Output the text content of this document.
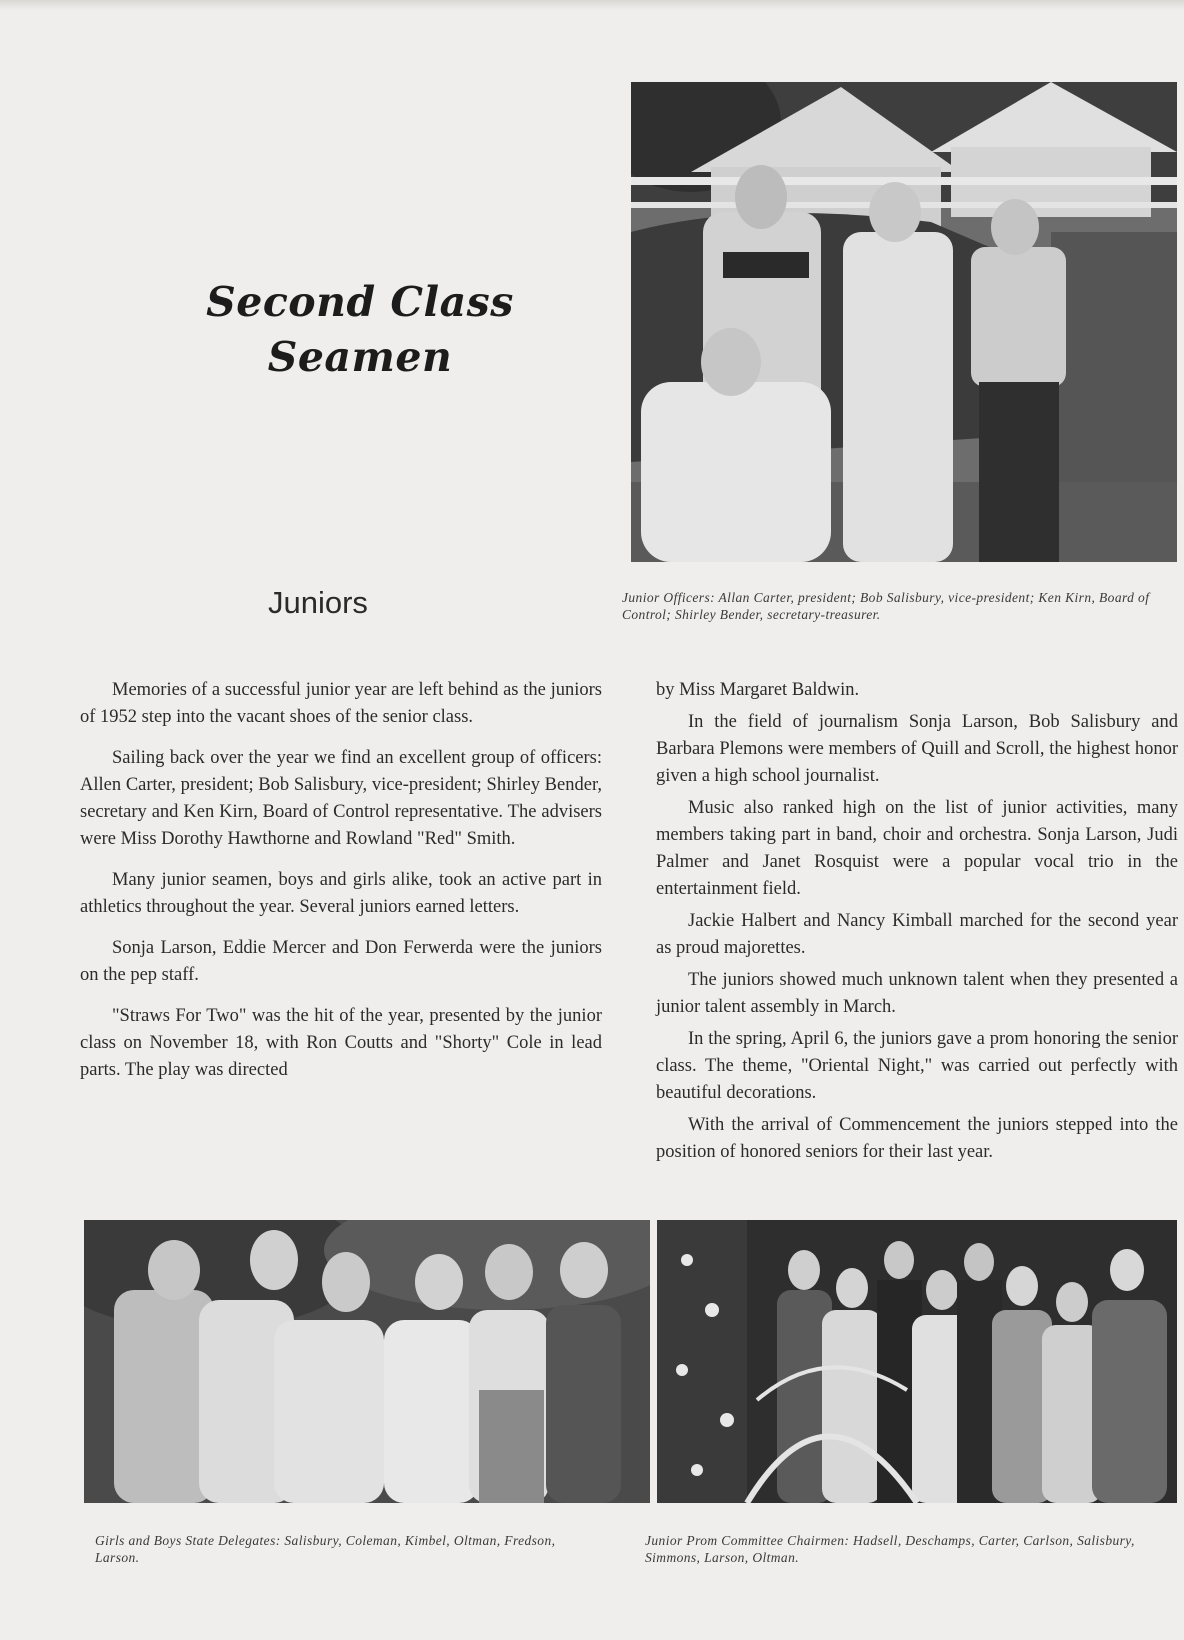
Second Class
Seamen
Junior Officers: Allan Carter, president; Bob Salisbury, vice-president; Ken Kirn, Board of Control; Shirley Bender, secretary-treasurer.
Juniors

Memories of a successful junior year are left behind as the juniors of 1952 step into the vacant shoes of the senior class.

Sailing back over the year we find an excellent group of officers: Allen Carter, president; Bob Salisbury, vice-president; Shirley Bender, secretary and Ken Kirn, Board of Control representative. The advisers were Miss Dorothy Hawthorne and Rowland "Red" Smith.

Many junior seamen, boys and girls alike, took an active part in athletics throughout the year. Several juniors earned letters.

Sonja Larson, Eddie Mercer and Don Ferwerda were the juniors on the pep staff.

"Straws For Two" was the hit of the year, presented by the junior class on November 18, with Ron Coutts and "Shorty" Cole in lead parts. The play was directed

by Miss Margaret Baldwin.

In the field of journalism Sonja Larson, Bob Salisbury and Barbara Plemons were members of Quill and Scroll, the highest honor given a high school journalist.

Music also ranked high on the list of junior activities, many members taking part in band, choir and orchestra. Sonja Larson, Judi Palmer and Janet Rosquist were a popular vocal trio in the entertainment field.

Jackie Halbert and Nancy Kimball marched for the second year as proud majorettes.

The juniors showed much unknown talent when they presented a junior talent assembly in March.

In the spring, April 6, the juniors gave a prom honoring the senior class. The theme, "Oriental Night," was carried out perfectly with beautiful decorations.

With the arrival of Commencement the juniors stepped into the position of honored seniors for their last year.

Girls and Boys State Delegates: Salisbury, Coleman, Kimbel, Oltman, Fredson, Larson.
Junior Prom Committee Chairmen: Hadsell, Deschamps, Carter, Carlson, Salisbury, Simmons, Larson, Oltman.
